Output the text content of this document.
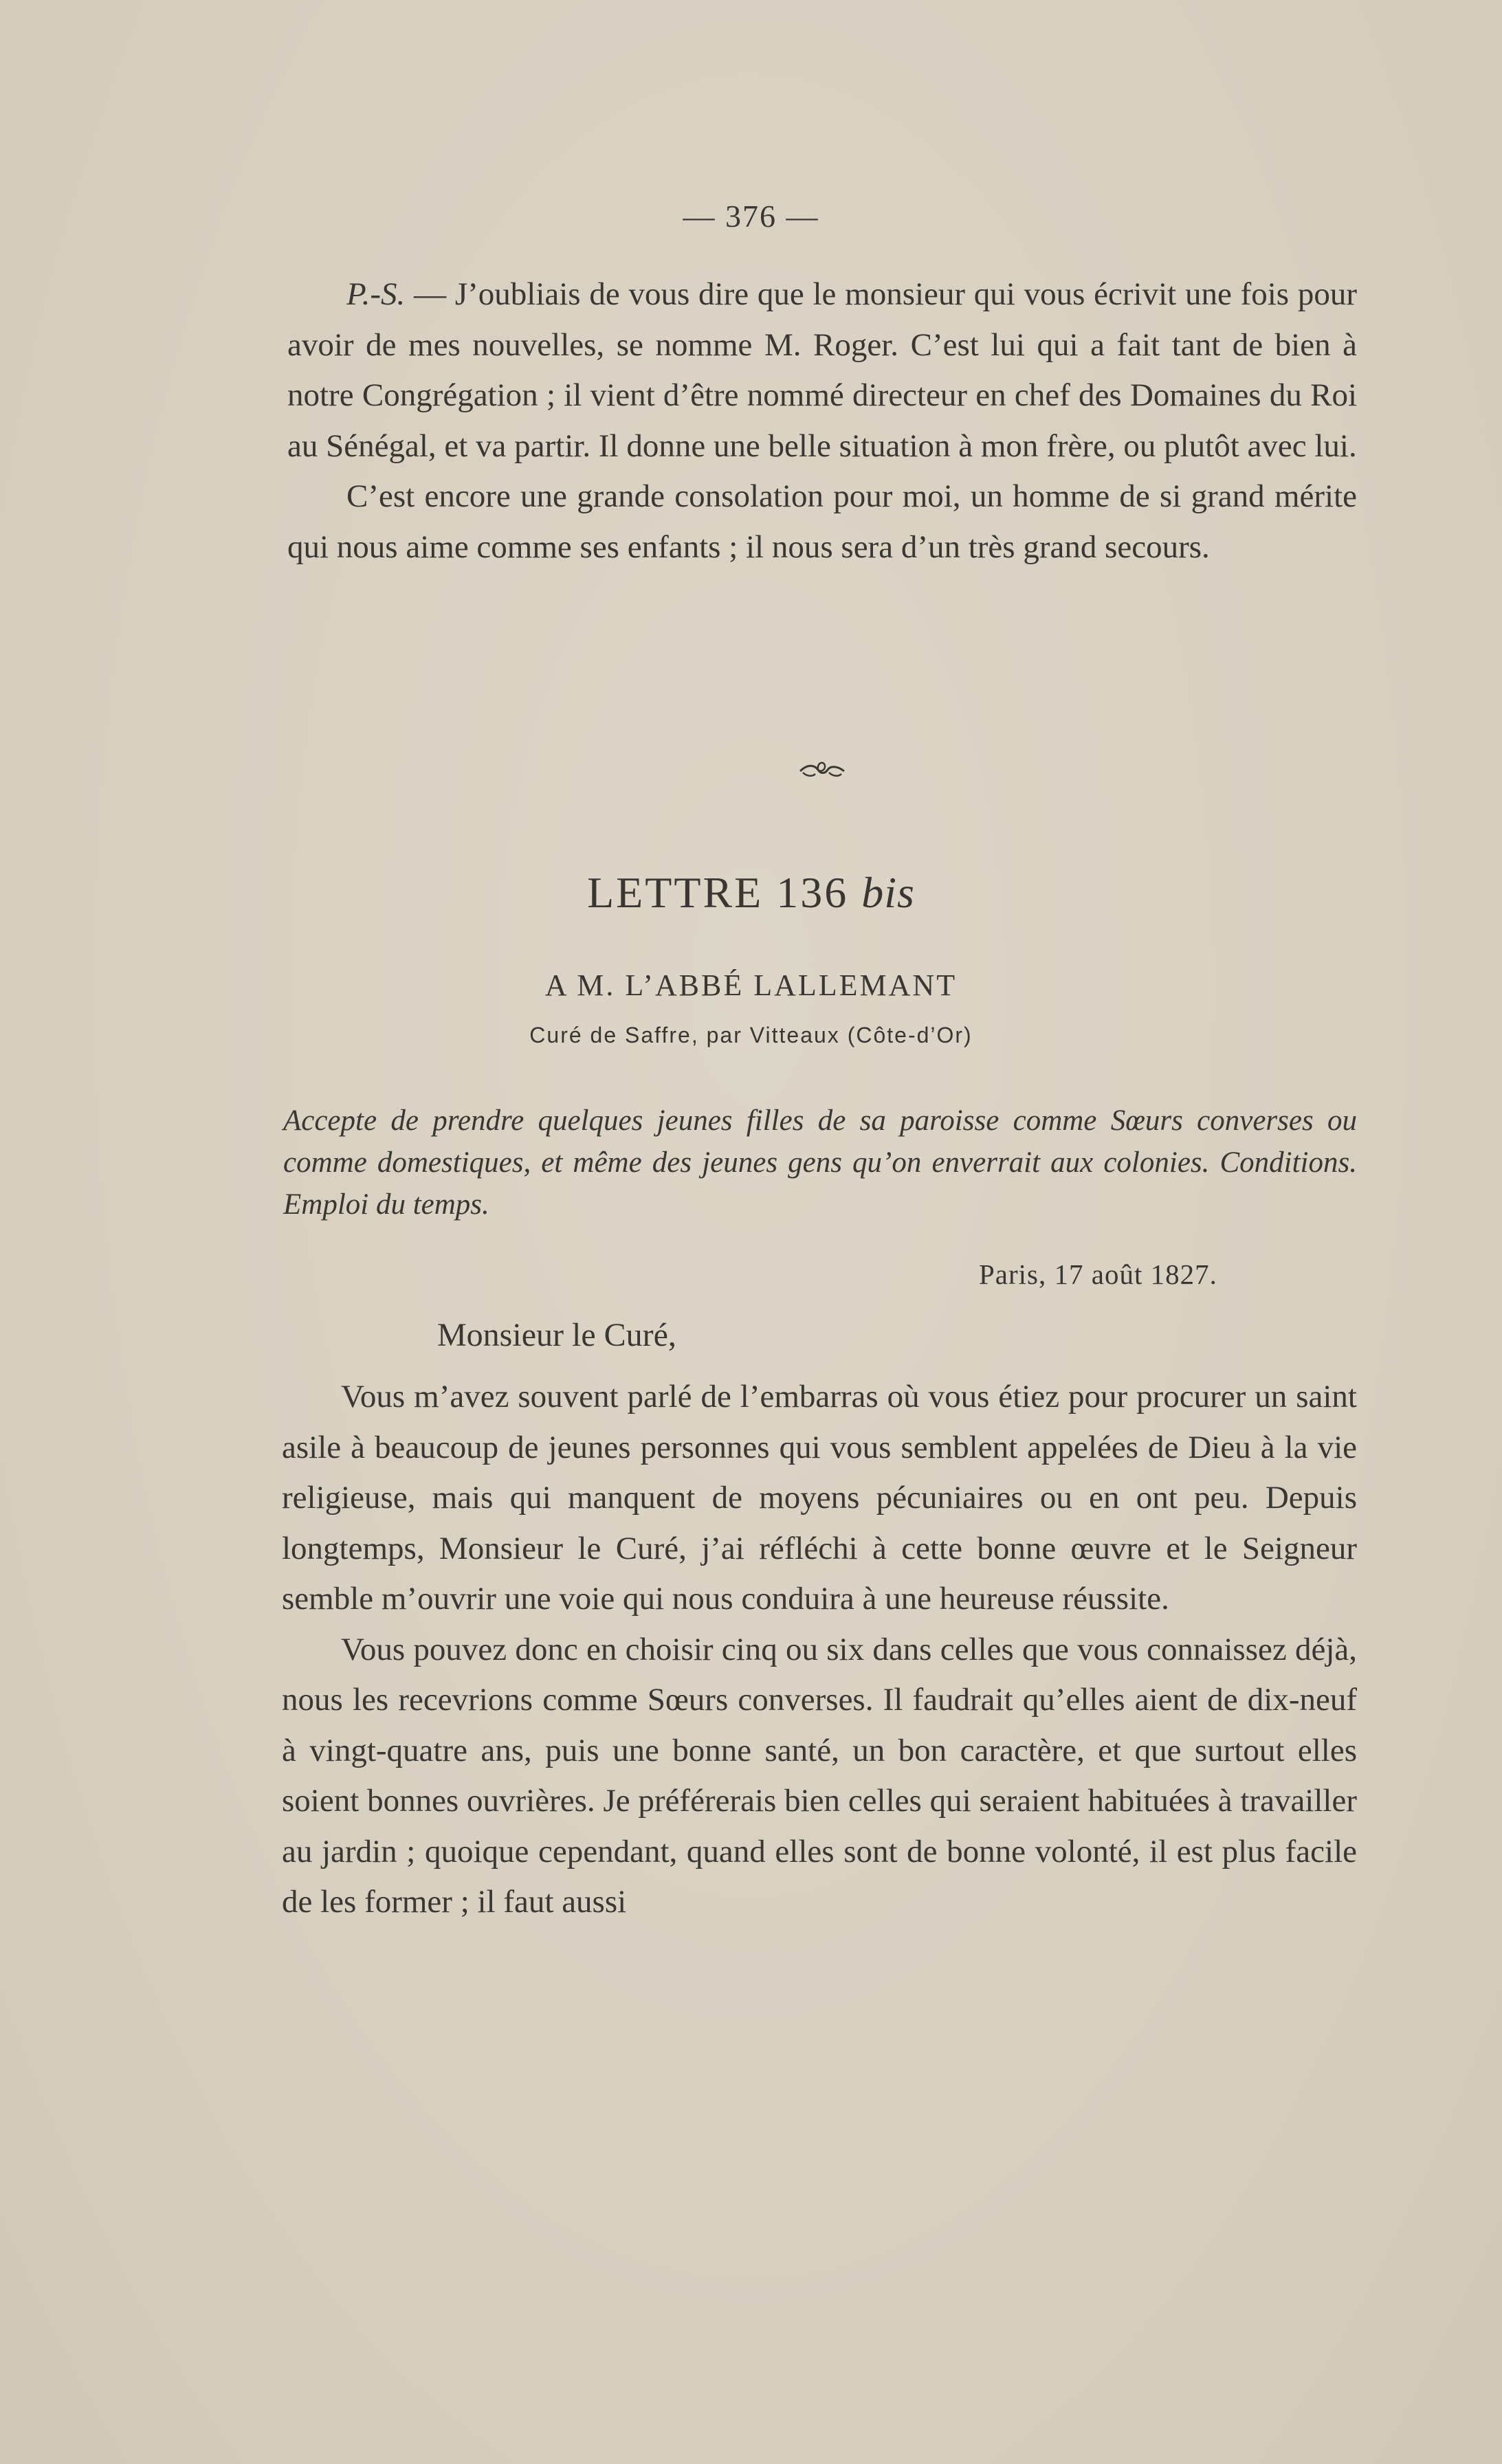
— 376 —

P.-S. — J’oubliais de vous dire que le monsieur qui vous écrivit une fois pour avoir de mes nouvelles, se nomme M. Roger. C’est lui qui a fait tant de bien à notre Congrégation ; il vient d’être nommé directeur en chef des Domaines du Roi au Sénégal, et va partir. Il donne une belle situation à mon frère, ou plutôt avec lui.

C’est encore une grande consolation pour moi, un homme de si grand mérite qui nous aime comme ses enfants ; il nous sera d’un très grand secours.

LETTRE 136 bis
A M. L’ABBÉ LALLEMANT
Curé de Saffre, par Vitteaux (Côte-d’Or)

Accepte de prendre quelques jeunes filles de sa paroisse comme Sœurs converses ou comme domestiques, et même des jeunes gens qu’on enverrait aux colonies. Conditions. Emploi du temps.

Paris, 17 août 1827.
Monsieur le Curé,

Vous m’avez souvent parlé de l’embarras où vous étiez pour procurer un saint asile à beaucoup de jeunes personnes qui vous semblent appelées de Dieu à la vie religieuse, mais qui manquent de moyens pécuniaires ou en ont peu. Depuis longtemps, Monsieur le Curé, j’ai réfléchi à cette bonne œuvre et le Seigneur semble m’ouvrir une voie qui nous conduira à une heureuse réussite.

Vous pouvez donc en choisir cinq ou six dans celles que vous connaissez déjà, nous les recevrions comme Sœurs converses. Il faudrait qu’elles aient de dix-neuf à vingt-quatre ans, puis une bonne santé, un bon caractère, et que surtout elles soient bonnes ouvrières. Je préférerais bien celles qui seraient habituées à travailler au jardin ; quoique cependant, quand elles sont de bonne volonté, il est plus facile de les former ; il faut aussi
